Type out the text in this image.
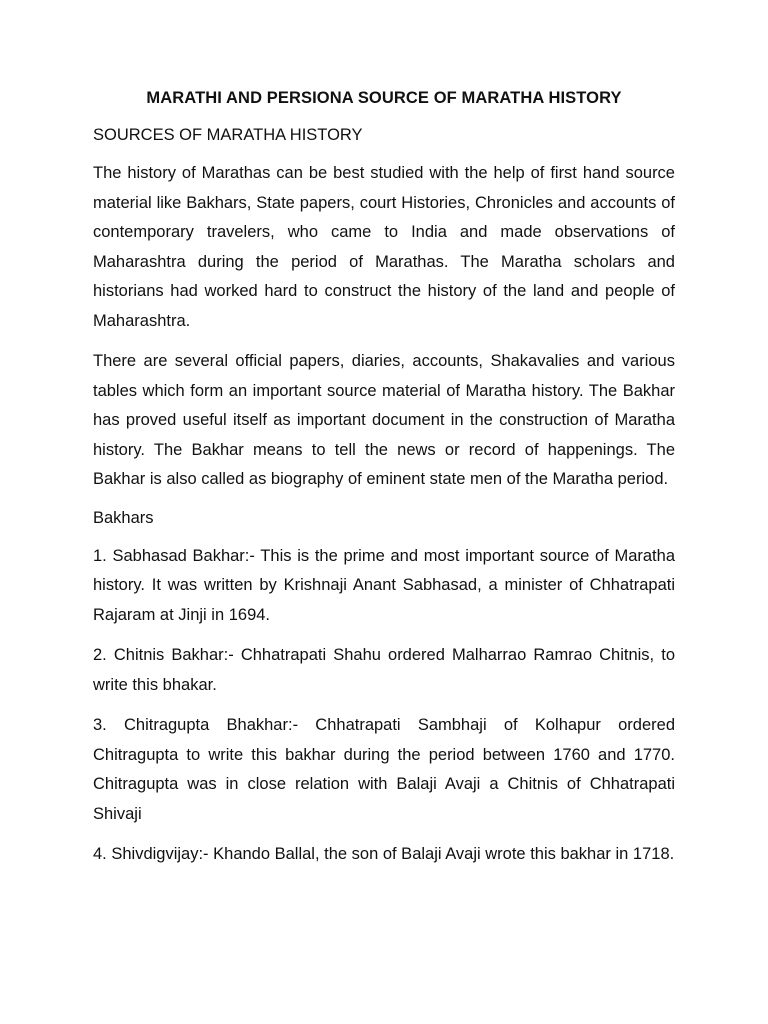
MARATHI AND PERSIONA SOURCE OF MARATHA HISTORY

SOURCES OF MARATHA HISTORY

The history of Marathas can be best studied with the help of first hand source material like Bakhars, State papers, court Histories, Chronicles and accounts of contemporary travelers, who came to India and made observations of Maharashtra during the period of Marathas. The Maratha scholars and historians had worked hard to construct the history of the land and people of Maharashtra.

There are several official papers, diaries, accounts, Shakavalies and various tables which form an important source material of Maratha history. The Bakhar has proved useful itself as important document in the construction of Maratha history. The Bakhar means to tell the news or record of happenings. The Bakhar is also called as biography of eminent state men of the Maratha period.

Bakhars

1. Sabhasad Bakhar:- This is the prime and most important source of Maratha history. It was written by Krishnaji Anant Sabhasad, a minister of Chhatrapati Rajaram at Jinji in 1694.

2. Chitnis Bakhar:- Chhatrapati Shahu ordered Malharrao Ramrao Chitnis, to write this bhakar.

3. Chitragupta Bhakhar:- Chhatrapati Sambhaji of Kolhapur ordered Chitragupta to write this bakhar during the period between 1760 and 1770. Chitragupta was in close relation with Balaji Avaji a Chitnis of Chhatrapati Shivaji

4. Shivdigvijay:- Khando Ballal, the son of Balaji Avaji wrote this bakhar in 1718.
